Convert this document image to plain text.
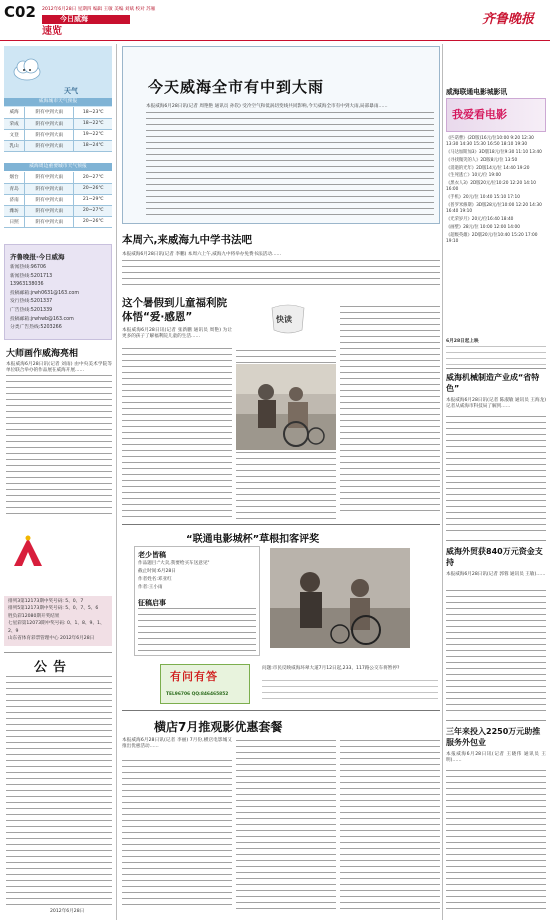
C02 2012年6月28日 星期四 编辑 王敏 美编 刘斌 校对 苏雁
今日威海
速览
齐鲁晚报
天气
威海城市天气预报
威海	阴有中到大雨	18~23℃
荣成	阴有中到大雨	18~22℃
文登	阴有中到大雨	19~22℃
乳山	阴有中到大雨	18~24℃
威海周边重要城市天气预报
烟台	阴有中到大雨	20~27℃
青岛	阴有中到大雨	20~26℃
济南	阴有中到大雨	21~29℃
潍坊	阴有中到大雨	20~27℃
日照	阴有中到大雨	20~26℃
齐鲁晚报·今日威海
新闻热线:96706
新闻热线:5201713
13963138036
投稿邮箱:jrwh0631@163.com
发行热线:5201337
广告热线:5201339
投稿邮箱:jrwhwb@163.com
分类广告热线:5203266
大师画作威海亮相
本报威海6月28日讯(记者 刘雨) 由中央美术学院等单位联合举办的作品展在威海开展……
排列3第12173期中奖号码: 5、0、7
排列5第12173期中奖号码: 5、0、7、5、6
胜负彩12080期开奖结果
七星彩第12073期中奖号码: 0、1、8、9、1、2、9
山东省体育彩票管理中心 2012年6月28日
公告
2012年6月28日
今天威海全市有中到大雨
本报威海6月28日讯(记者 周艳艳 通讯员 孙钦) 受冷空气和低涡切变线共同影响,今天威海全市有中到大雨,局部暴雨……
本周六,来威海九中学书法吧
本报威海6月28日讯(记者 李鹏) 本周六上午,威海九中将举办免费书法活动……
这个暑假到儿童福利院
体悟“爱·感恩”
本报威海6月28日讯(记者 张新鹏 通讯员 周艳) 为让更多的孩子了解福利院儿童的生活……
快读
“联通电影城杯”草根扣客评奖
老少皆稿
作品题目:"大卖,我要给买车送意见"
截止时间:6月28日
作者姓名:邓亚红
作者:王小雨
征稿启事
有问有答
TEL96706 QQ:846465852
问题:市民反映威海环翠大道7月12日起,233、117路公交车将暂停?
横店7月推观影优惠套餐
本报威海6月28日讯(记者 李丽) 7月份,横店电影城又推出优惠活动……
威海联通电影城影讯
我爱看电影
《匹诺曹》(2D版)16元/位10:00 9:20 12:30 13:30 14:30 15:30 16:50 18:10 19:30
《马达加斯加3》3D版18元/位9:30 11:10 13:40
《寻找微笑的人》2D版8元/位 13:50
《消逝的光年》2D版14元/位 14:40 19:20
《生死逃亡》10元/位 19:00
《黑衣人3》2D版20元/位10:20 12:20 14:10 16:00
《手机》20元/位 10:40 15:10 17:10
《普罗米修斯》3D版28元/位10:00 12:20 14:30 16:40 19:10
《光荣岁月》20元/位16:40 18:40
《画壁》28元/位 10:00 12:00 14:00
《超级英雄》2D版20元/位10:40 15:20 17:00 19:10
6月28日起上映
威海机械制造产业成“省特色”
本报威海6月28日讯(记者 陈淑敏 通讯员 王海龙) 记者从威海市科技局了解到……
威海外贸获840万元资金支持
本报威海6月28日讯(记者 郭蓉 通讯员 王敏)……
三年来投入2250万元助推服务外包业
本报威海6月28日讯(记者 王晓伟 通讯员 王明)……
